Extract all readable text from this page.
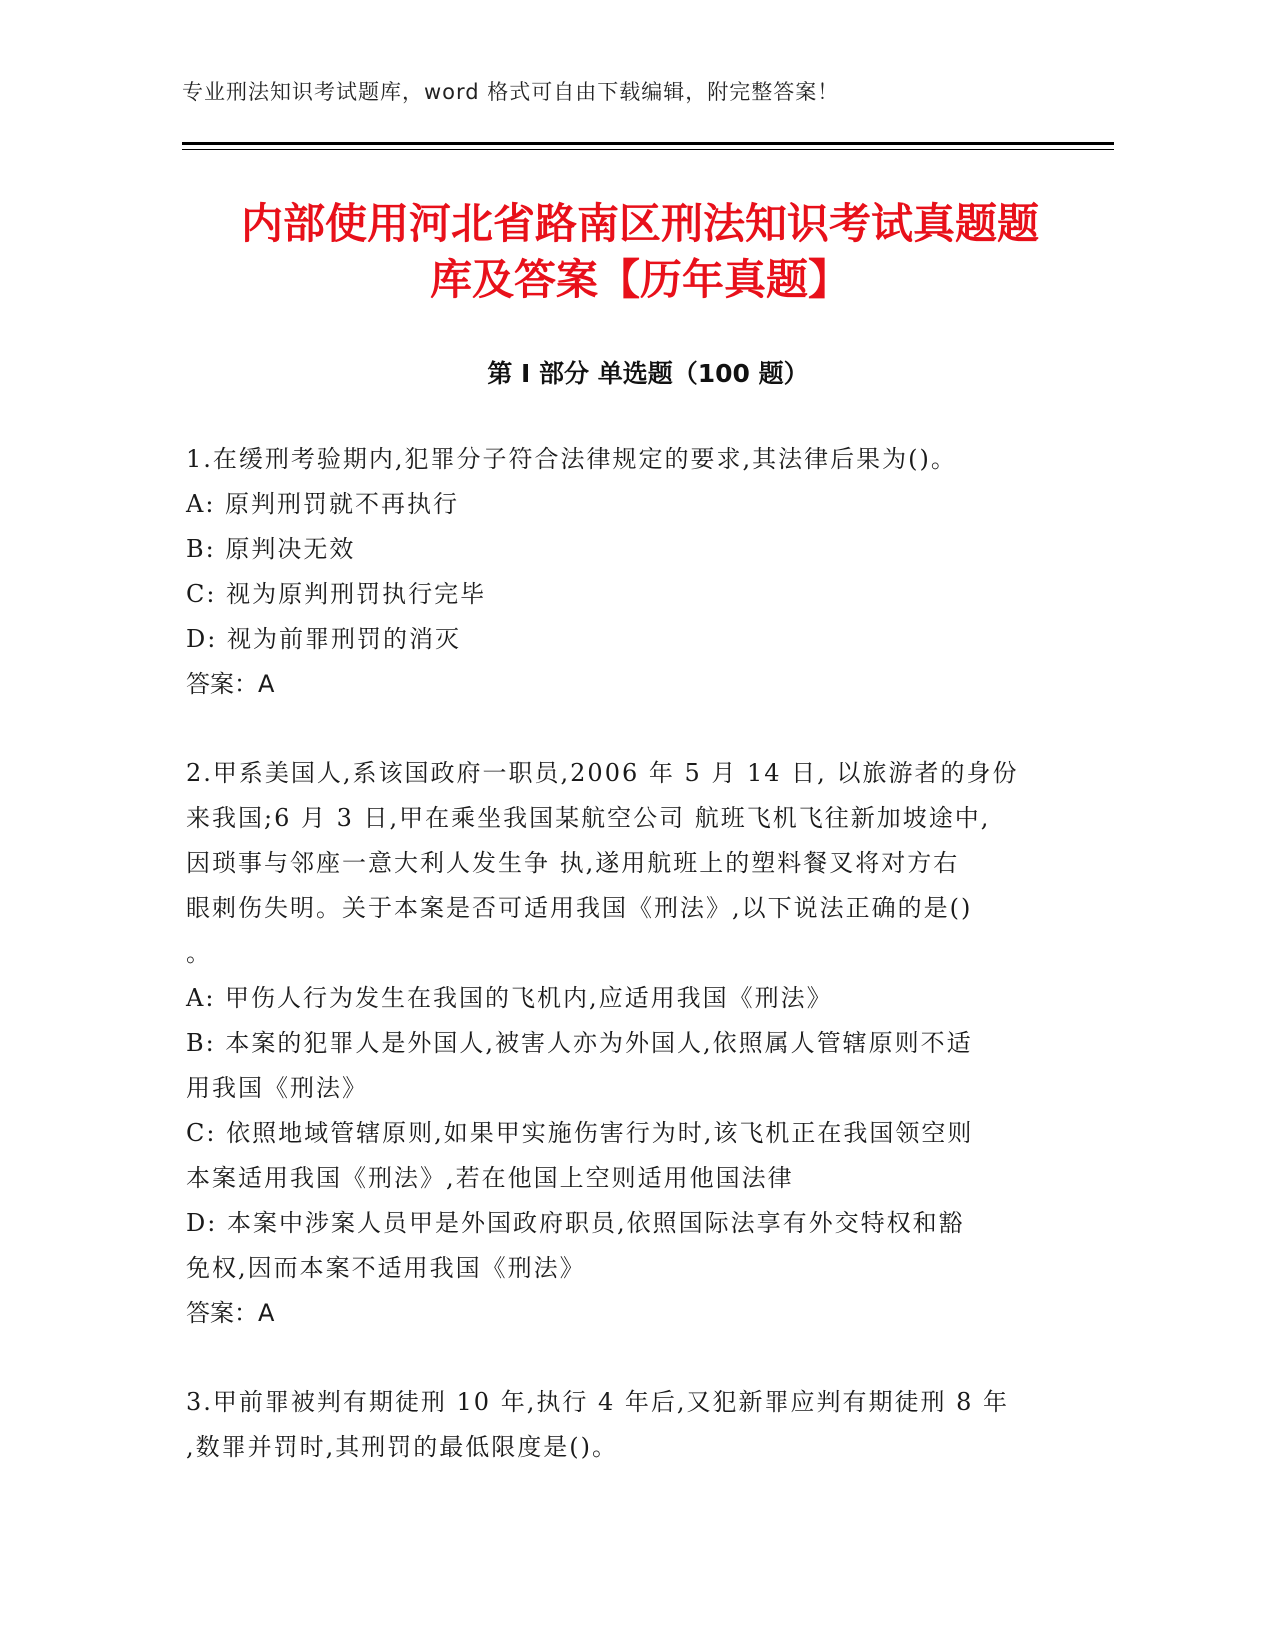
专业刑法知识考试题库，word 格式可自由下载编辑，附完整答案！
内部使用河北省路南区刑法知识考试真题题
库及答案【历年真题】
第 I 部分 单选题（100 题）

1.在缓刑考验期内,犯罪分子符合法律规定的要求,其法律后果为()。

A: 原判刑罚就不再执行

B: 原判决无效

C: 视为原判刑罚执行完毕

D: 视为前罪刑罚的消灭

答案：A

2.甲系美国人,系该国政府一职员,2006 年 5 月 14 日, 以旅游者的身份

来我国;6 月 3 日,甲在乘坐我国某航空公司 航班飞机飞往新加坡途中,

因琐事与邻座一意大利人发生争 执,遂用航班上的塑料餐叉将对方右

眼刺伤失明。关于本案是否可适用我国《刑法》,以下说法正确的是()

。

A: 甲伤人行为发生在我国的飞机内,应适用我国《刑法》

B: 本案的犯罪人是外国人,被害人亦为外国人,依照属人管辖原则不适

用我国《刑法》

C: 依照地域管辖原则,如果甲实施伤害行为时,该飞机正在我国领空则

本案适用我国《刑法》,若在他国上空则适用他国法律

D: 本案中涉案人员甲是外国政府职员,依照国际法享有外交特权和豁

免权,因而本案不适用我国《刑法》

答案：A

3.甲前罪被判有期徒刑 10 年,执行 4 年后,又犯新罪应判有期徒刑 8 年

,数罪并罚时,其刑罚的最低限度是()。
